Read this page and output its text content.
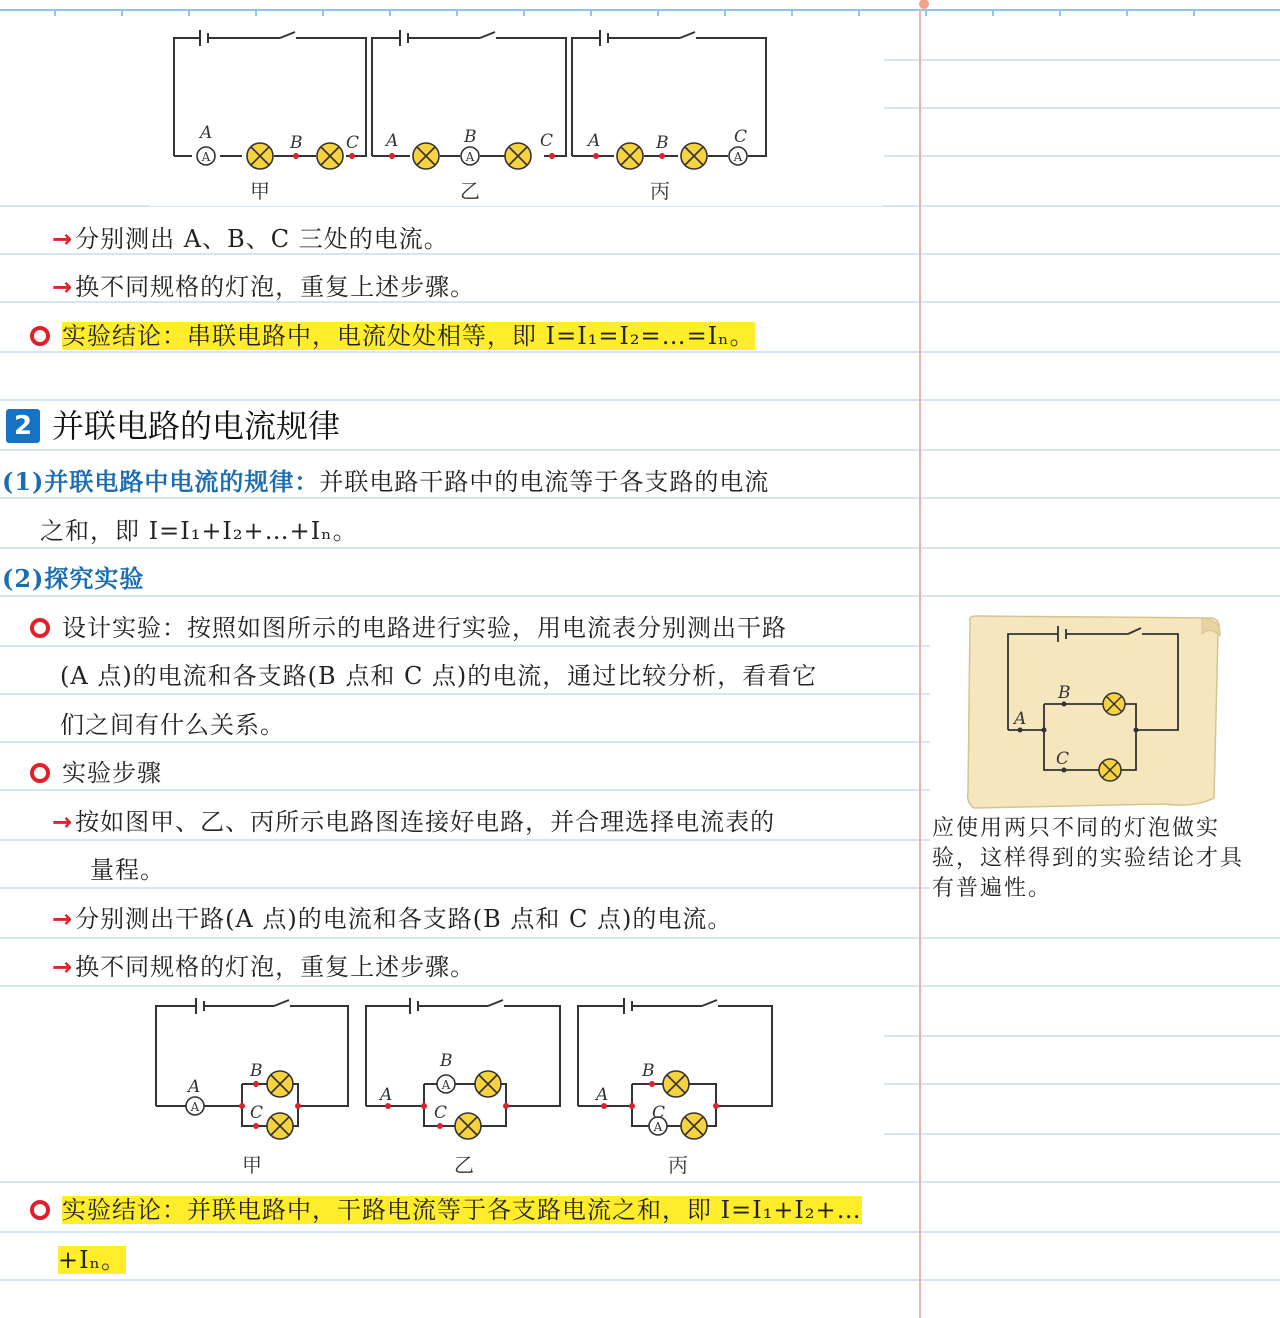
A
A	B	C
A
A	B	C
A
A	B	C
甲	乙	丙
→分别测出 A、B、C 三处的电流。
→换不同规格的灯泡，重复上述步骤。
实验结论：串联电路中，电流处处相等，即 I=I₁=I₂=…=Iₙ。
2 并联电路的电流规律
(1)并联电路中电流的规律：并联电路干路中的电流等于各支路的电流
之和，即 I=I₁+I₂+…+Iₙ。
(2)探究实验
设计实验：按照如图所示的电路进行实验，用电流表分别测出干路
(A 点)的电流和各支路(B 点和 C 点)的电流，通过比较分析，看看它
们之间有什么关系。
实验步骤
→按如图甲、乙、丙所示电路图连接好电路，并合理选择电流表的
量程。
→分别测出干路(A 点)的电流和各支路(B 点和 C 点)的电流。
→换不同规格的灯泡，重复上述步骤。
A
A
B
C
A
A
B
C
A
A
B
C
甲	乙	丙
实验结论：并联电路中，干路电流等于各支路电流之和，即 I=I₁+I₂+…
+Iₙ。
A
B
C
应使用两只不同的灯泡做实验，这样得到的实验结论才具有普遍性。
